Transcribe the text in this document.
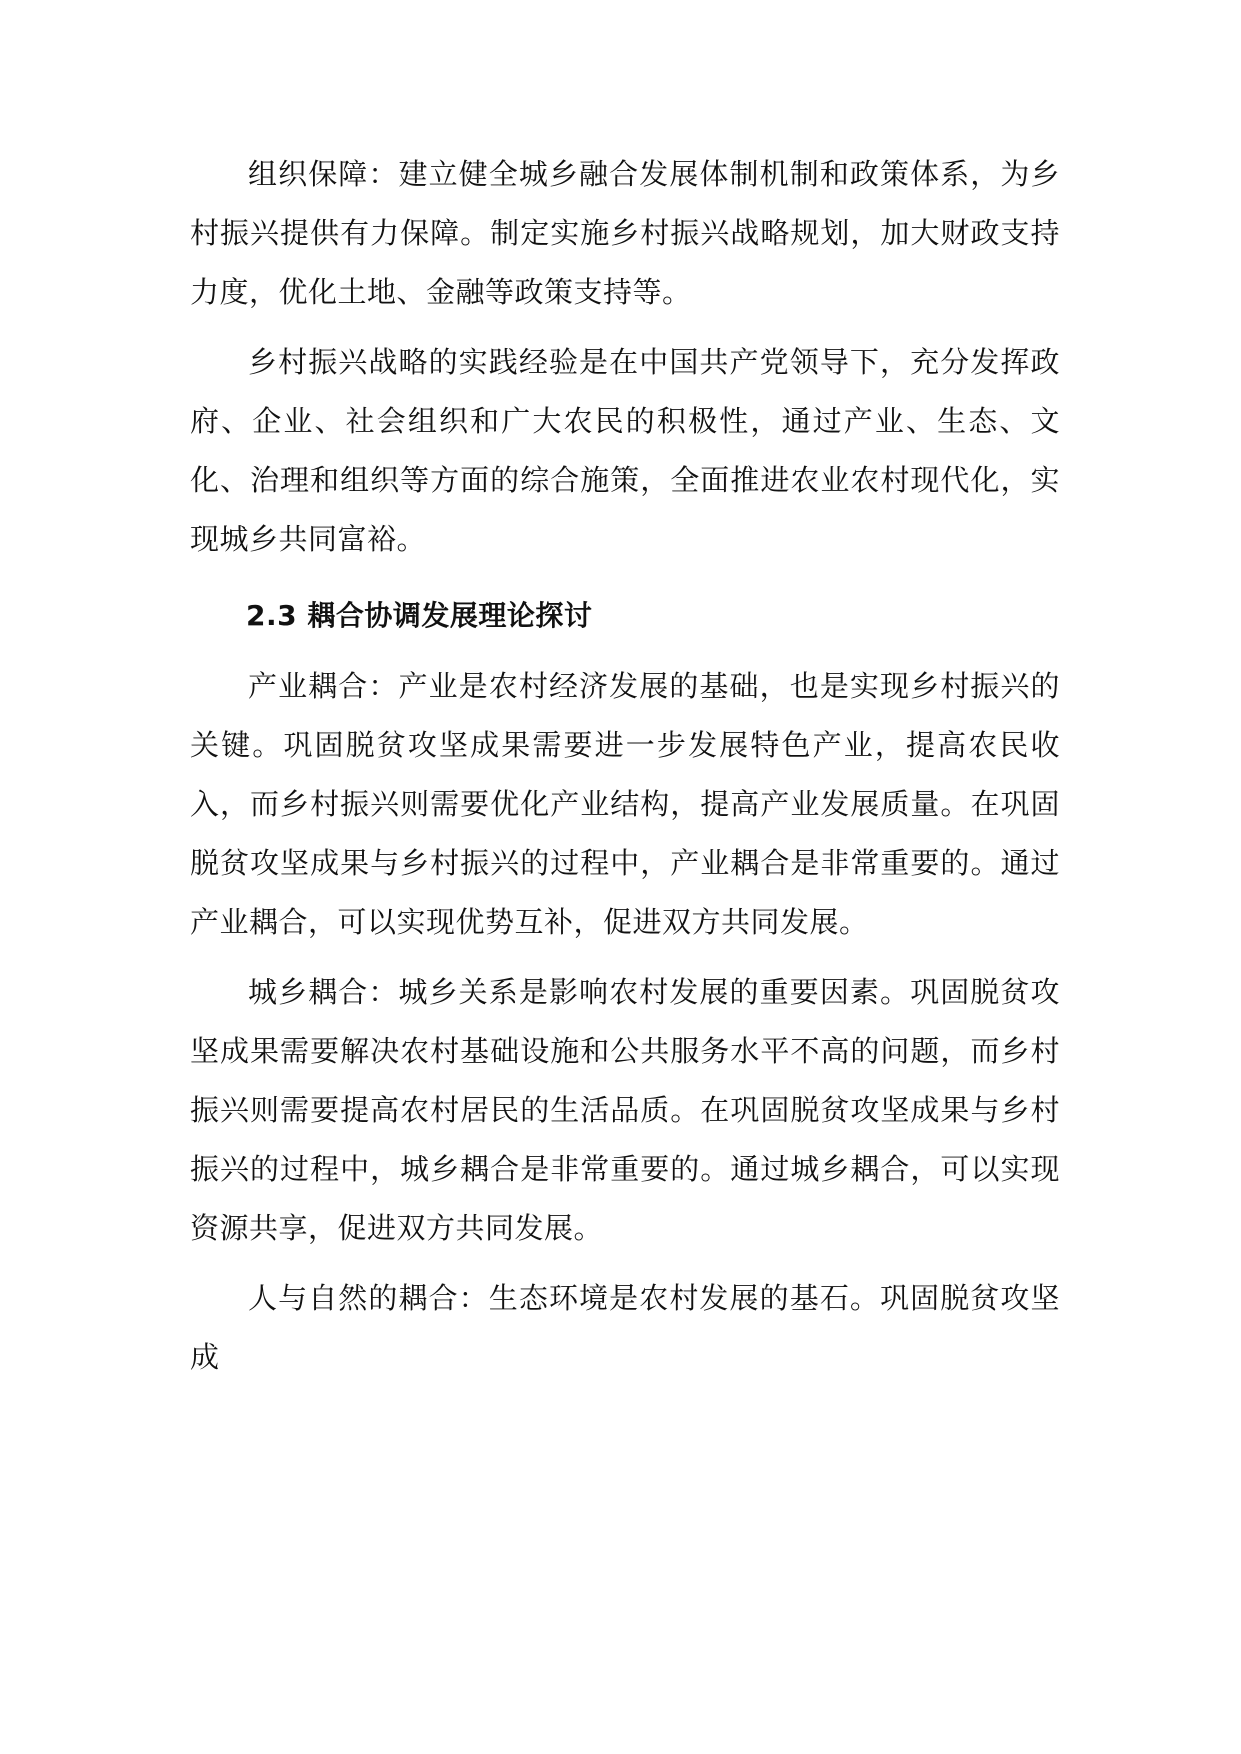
组织保障：建立健全城乡融合发展体制机制和政策体系，为乡村振兴提供有力保障。制定实施乡村振兴战略规划，加大财政支持力度，优化土地、金融等政策支持等。

乡村振兴战略的实践经验是在中国共产党领导下，充分发挥政府、企业、社会组织和广大农民的积极性，通过产业、生态、文化、治理和组织等方面的综合施策，全面推进农业农村现代化，实现城乡共同富裕。

2.3 耦合协调发展理论探讨

产业耦合：产业是农村经济发展的基础，也是实现乡村振兴的关键。巩固脱贫攻坚成果需要进一步发展特色产业，提高农民收入，而乡村振兴则需要优化产业结构，提高产业发展质量。在巩固脱贫攻坚成果与乡村振兴的过程中，产业耦合是非常重要的。通过产业耦合，可以实现优势互补，促进双方共同发展。

城乡耦合：城乡关系是影响农村发展的重要因素。巩固脱贫攻坚成果需要解决农村基础设施和公共服务水平不高的问题，而乡村振兴则需要提高农村居民的生活品质。在巩固脱贫攻坚成果与乡村振兴的过程中，城乡耦合是非常重要的。通过城乡耦合，可以实现资源共享，促进双方共同发展。

人与自然的耦合：生态环境是农村发展的基石。巩固脱贫攻坚成
